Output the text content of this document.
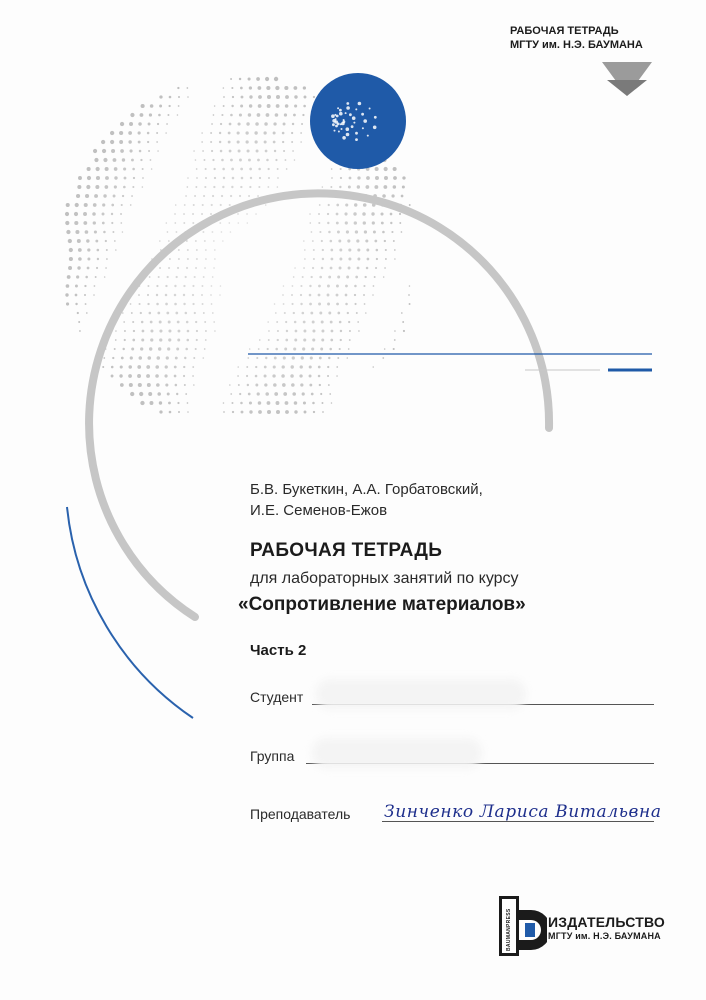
РАБОЧАЯ ТЕТРАДЬ
МГТУ им. Н.Э. БАУМАНА
Б.В. Букеткин, А.А. Горбатовский,
И.Е. Семенов-Ежов
РАБОЧАЯ ТЕТРАДЬ
для лабораторных занятий по курсу
«Сопротивление материалов»
Часть 2
Студент
Группа
Преподаватель Зинченко Лариса Витальвна
BAUMANPRESS	ИЗДАТЕЛЬСТВО
МГТУ им. Н.Э. БАУМАНА
